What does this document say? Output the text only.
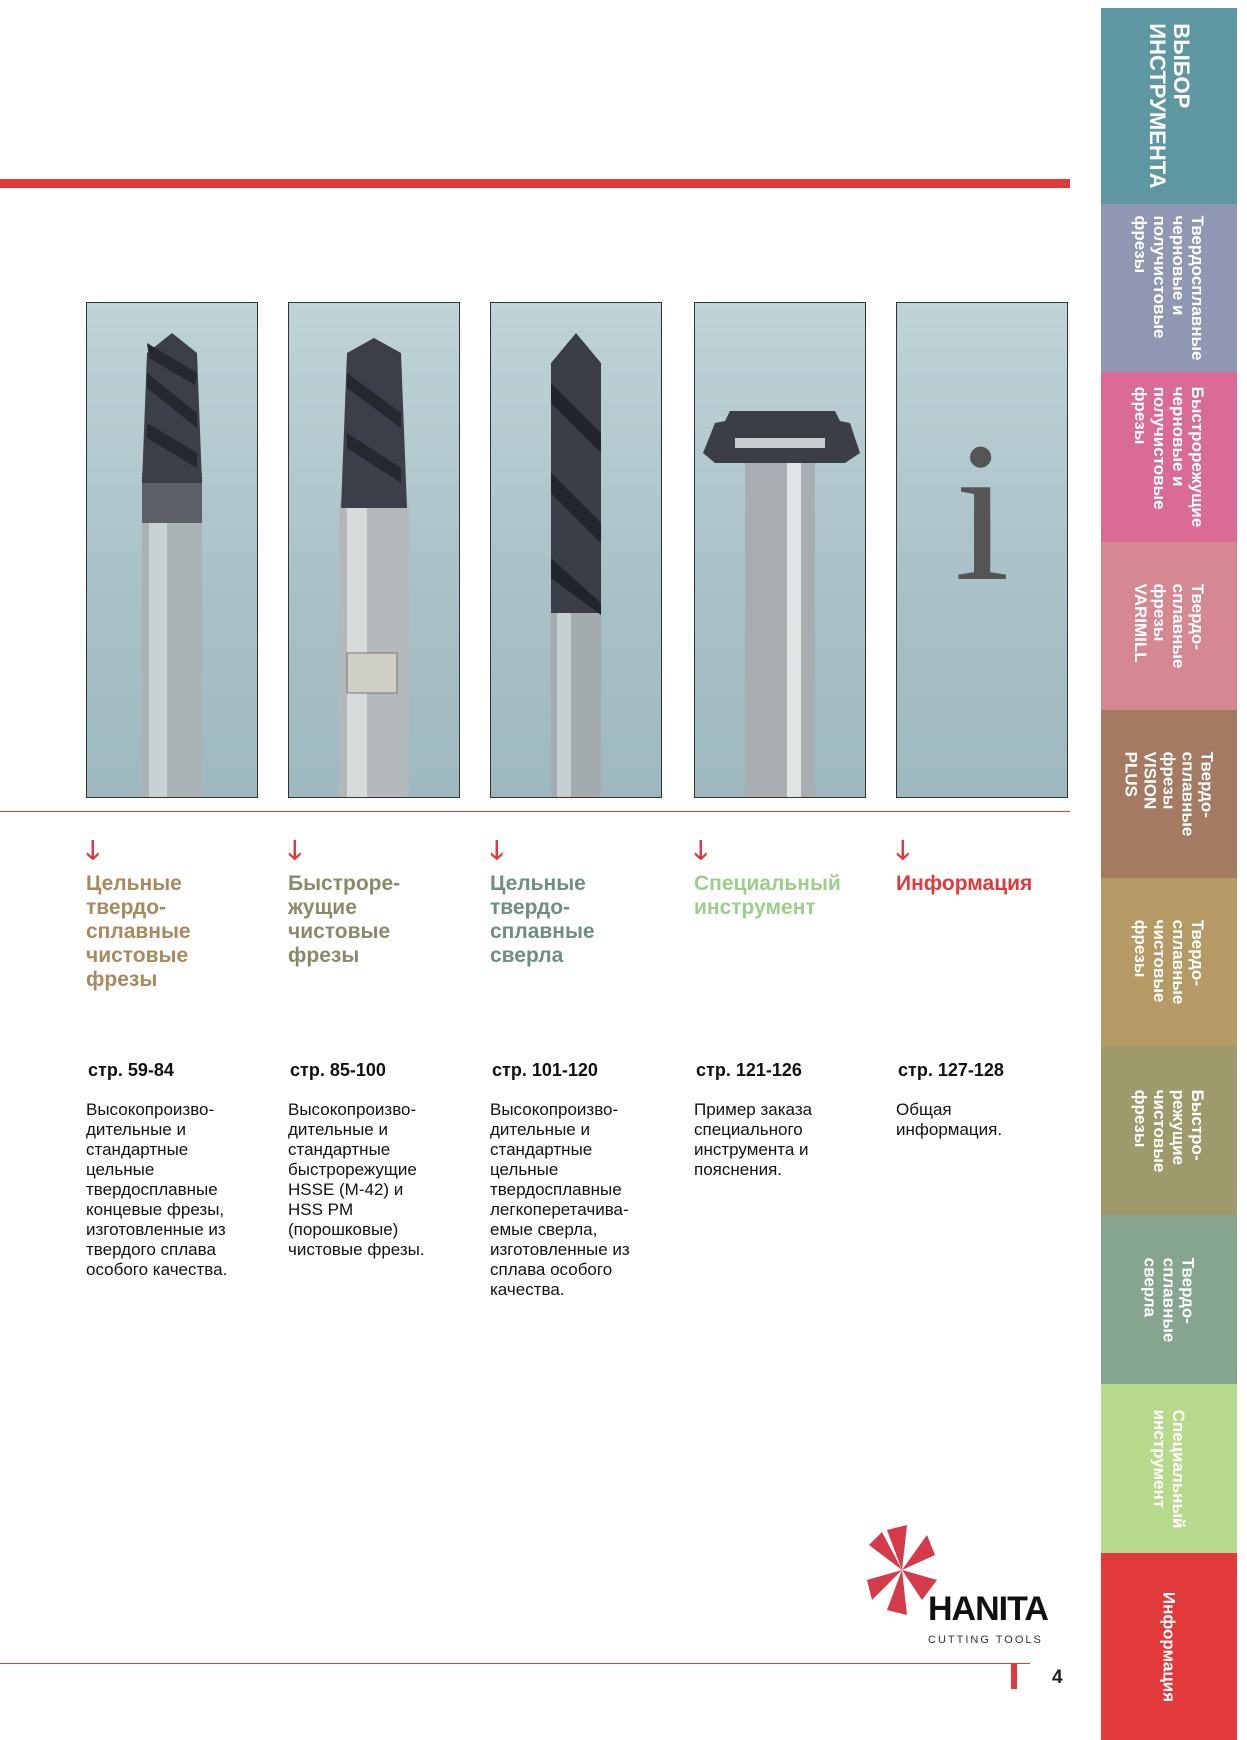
i
🡓
Цельные
твердо-
сплавные
чистовые
фрезы
стр. 59-84
Высокопроизво-
дительные и
стандартные
цельные
твердосплавные
концевые фрезы,
изготовленные из
твердого сплава
особого качества.
🡓
Быстроре-
жущие
чистовые
фрезы
стр. 85-100
Высокопроизво-
дительные и
стандартные
быстрорежущие
HSSE (M-42) и
HSS PM
(порошковые)
чистовые фрезы.
🡓
Цельные
твердо-
сплавные
сверла
стр. 101-120
Высокопроизво-
дительные и
стандартные
цельные
твердосплавные
легкоперетачива-
емые сверла,
изготовленные из
сплава особого
качества.
🡓
Специальный
инструмент
стр. 121-126
Пример заказа
специального
инструмента и
пояснения.
🡓
Информация
стр. 127-128
Общая
информация.
HANITA
CUTTING TOOLS
4
ВЫБОР
ИНСТРУМЕНТА
Твердосплавные
черновые и
получистовые
фрезы
Быстрорежущие
черновые и
получистовые
фрезы
Твердо-
сплавные
фрезы
VARIMILL
Твердо-
сплавные
фрезы
VISION PLUS
Твердо-
сплавные
чистовые
фрезы
Быстро-
режущие
чистовые
фрезы
Твердо-
сплавные
сверла
Специальный
инструмент
Информация
